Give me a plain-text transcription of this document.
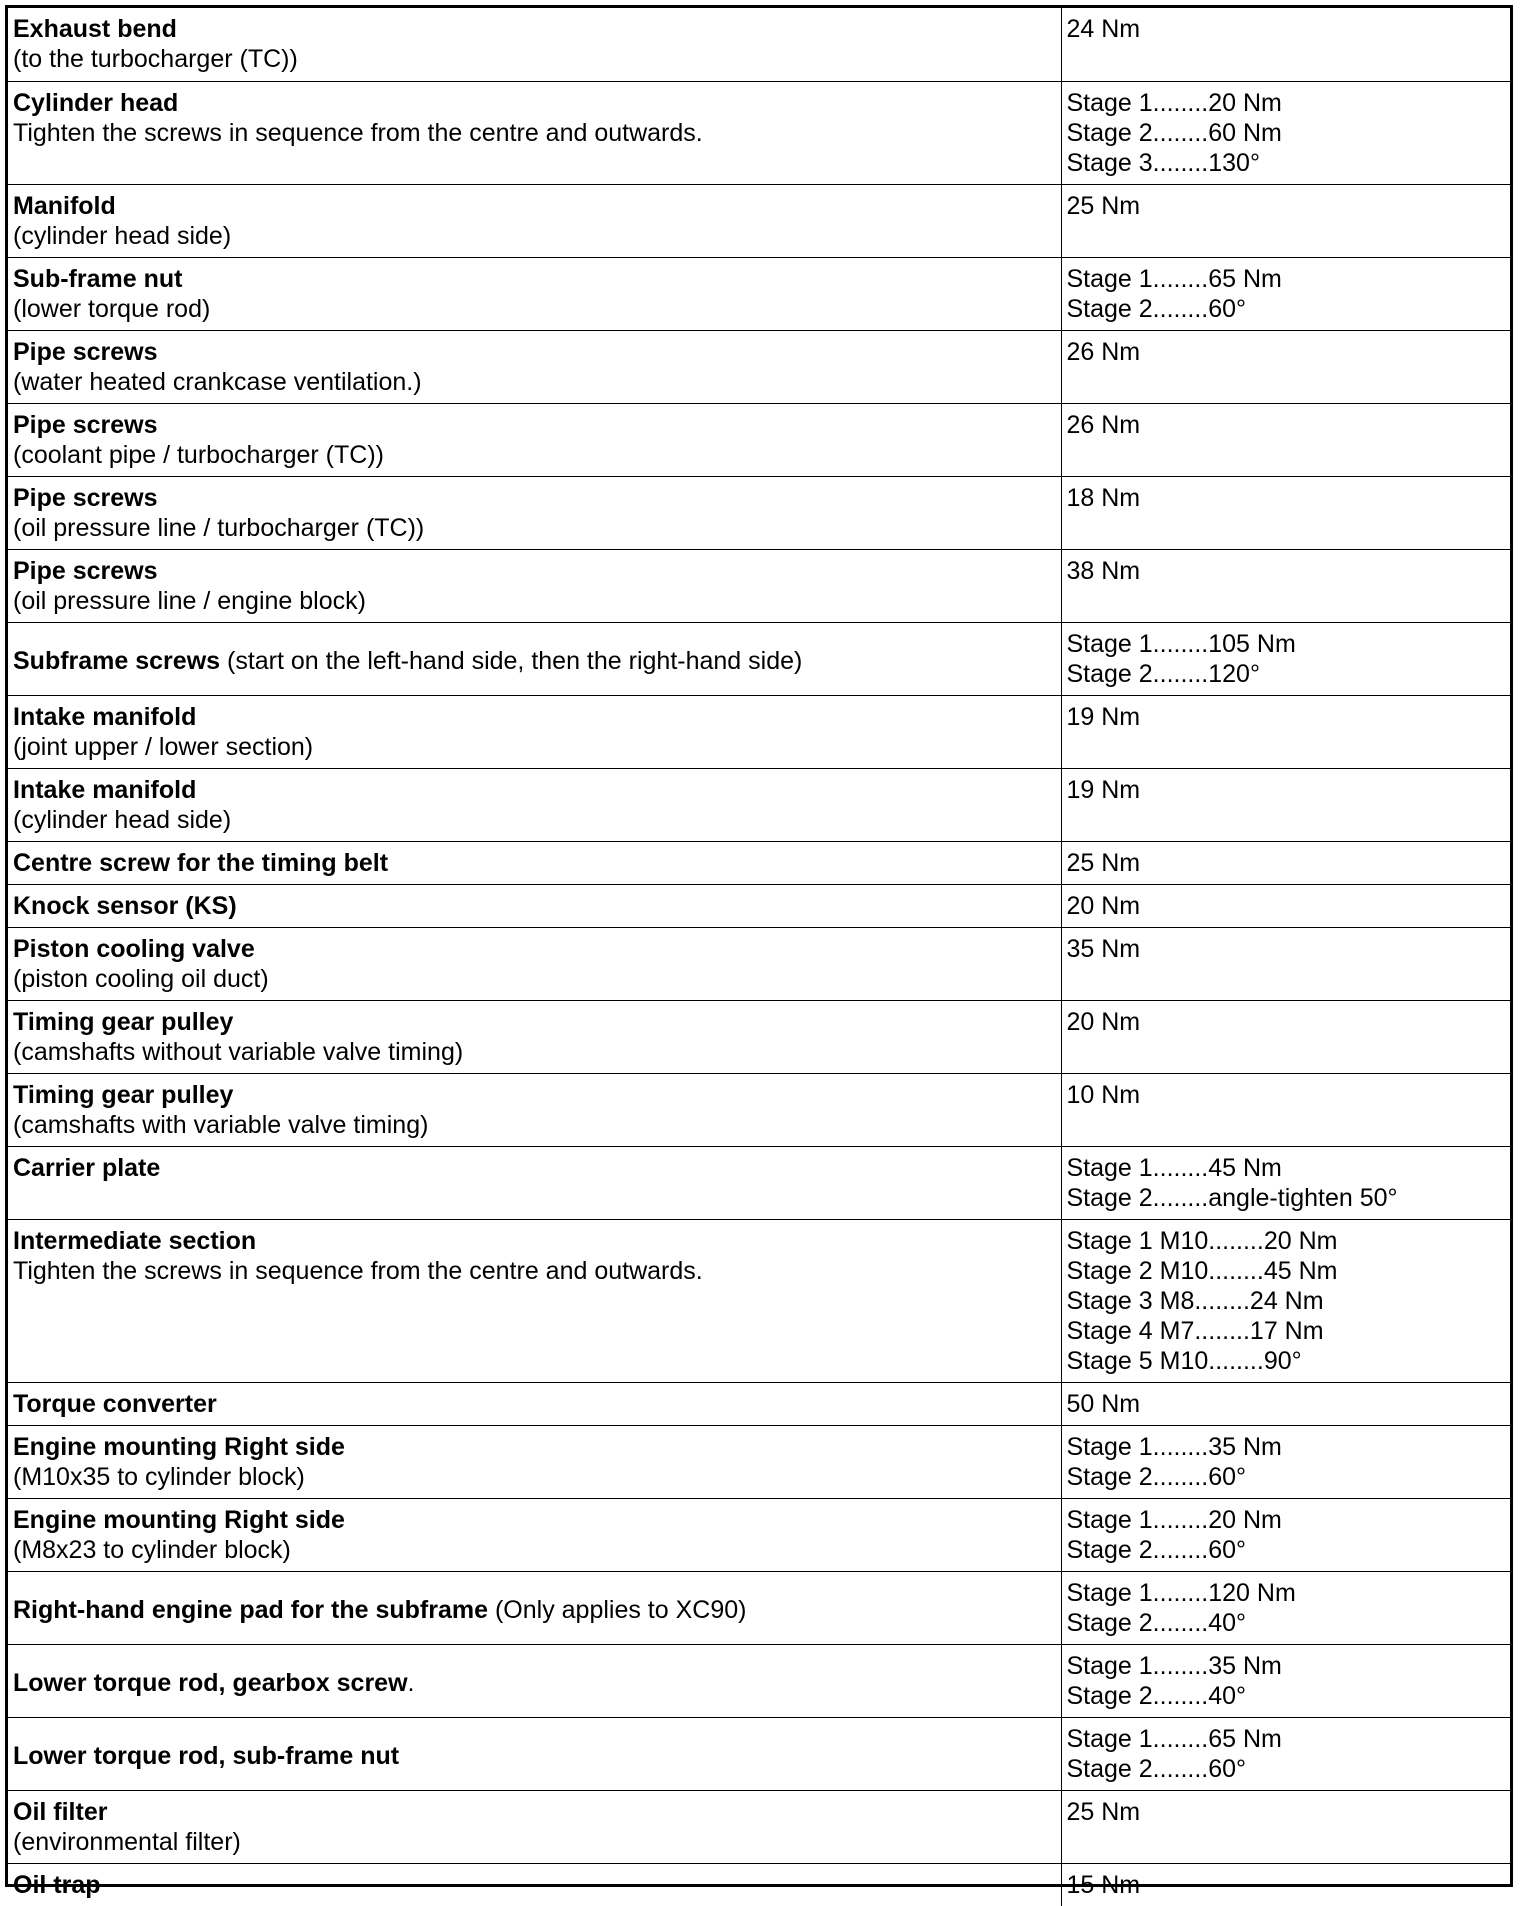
Exhaust bend
(to the turbocharger (TC))	24 Nm

Cylinder head
Tighten the screws in sequence from the centre and outwards.	Stage 1........20 Nm
Stage 2........60 Nm
Stage 3........130°

Manifold
(cylinder head side)	25 Nm

Sub-frame nut
(lower torque rod)	Stage 1........65 Nm
Stage 2........60°

Pipe screws
(water heated crankcase ventilation.)	26 Nm

Pipe screws
(coolant pipe / turbocharger (TC))	26 Nm

Pipe screws
(oil pressure line / turbocharger (TC))	18 Nm

Pipe screws
(oil pressure line / engine block)	38 Nm

Subframe screws (start on the left-hand side, then the right-hand side)	Stage 1........105 Nm
Stage 2........120°

Intake manifold
(joint upper / lower section)	19 Nm

Intake manifold
(cylinder head side)	19 Nm

Centre screw for the timing belt	25 Nm

Knock sensor (KS)	20 Nm

Piston cooling valve
(piston cooling oil duct)	35 Nm

Timing gear pulley
(camshafts without variable valve timing)	20 Nm

Timing gear pulley
(camshafts with variable valve timing)	10 Nm

Carrier plate	Stage 1........45 Nm
Stage 2........angle-tighten 50°

Intermediate section
Tighten the screws in sequence from the centre and outwards.	Stage 1 M10........20 Nm
Stage 2 M10........45 Nm
Stage 3 M8........24 Nm
Stage 4 M7........17 Nm
Stage 5 M10........90°

Torque converter	50 Nm

Engine mounting Right side
(M10x35 to cylinder block)	Stage 1........35 Nm
Stage 2........60°

Engine mounting Right side
(M8x23 to cylinder block)	Stage 1........20 Nm
Stage 2........60°

Right-hand engine pad for the subframe (Only applies to XC90)	Stage 1........120 Nm
Stage 2........40°

Lower torque rod, gearbox screw.	Stage 1........35 Nm
Stage 2........40°

Lower torque rod, sub-frame nut	Stage 1........65 Nm
Stage 2........60°

Oil filter
(environmental filter)	25 Nm

Oil trap	15 Nm
